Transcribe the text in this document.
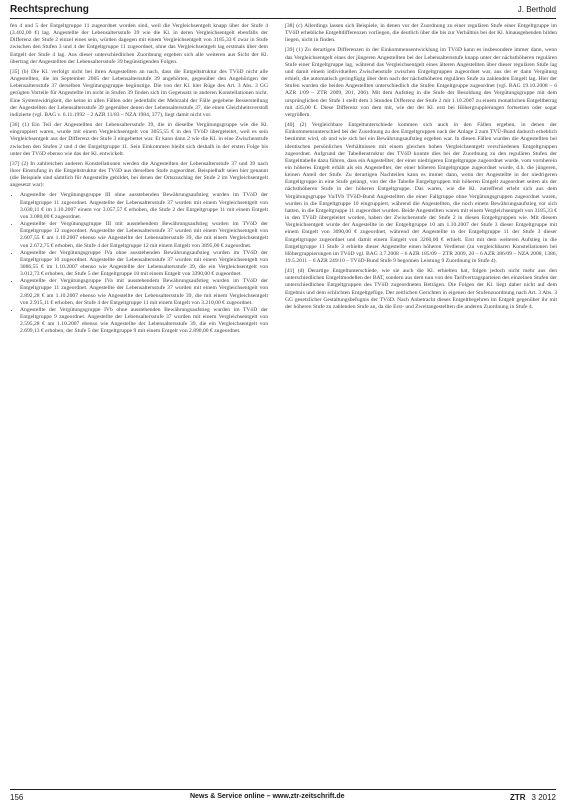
Rechtsprechung	J. Berthold

fen 4 und 5 der Entgeltgruppe 11 zugeordnet worden sind, weil die Vergleichsentgelt knapp über der Stufe 4 (3.402,00 €) lag. Angestellte der Lebensaltersstufe 39 wie die Kl. in deren Vergleichsentgelt ebenfalls der Differenz der Stufe 2 einzel eines sein, würden dagegen mit einem Vergleichsentgelt von 3185,33 € zwar in Stufe zwischen den Stufen 3 und 4 der Entgeltgruppe 11 zugeordnet, ohne das Vergleichsentgelt lag erstmals über dem Entgelt der Stufe 4 lag. Aus dieser unterschiedlichen Zuordnung ergeben sich alle weiteren aus Sicht der Kl. übertrag der Angestellten der Lebensaltersstufe 39 begünstigenden Folgen.

[35] (b) Die Kl. verfolgt nicht bei ihren Angestellten an nach, dass die Entgeltstruktur des TVöD nicht alle Angestellten, die im September 2005 der Lebensaltersstufe 39 angehörten, gegenüber den Angehörigen der Lebensaltersstufe 37 derselben Vergütungsgruppe begünstige. Die von der Kl. hier Rüge des Art. 3 Abs. 3 GG gerügten Vorteile für Angestellte im nicht in Stufen 39 finden sich im Gegensatz in anderen Konstellationen nicht. Eine Systemwidrigkeit, die keine in allen Fällen oder jedenfalls der Mehrzahl der Fälle gegebene Besserstellung der Angestellten der Lebensaltersstufe 39 gegenüber denen der Lebensaltersstufe 37, die einen Gleichheitsverstoß indizierte (vgl. BAG v. 6.11.1992 – 2 AZR 11/83 – NZA 1984, 377), liegt damit nicht vor.

[36] (1) Ein Teil der Angestellten der Lebensaltersstufe 39, die in dieselbe Vergütungsgruppe wie die Kl. eingruppiert waren, wurde mit einem Vergleichsentgelt von 3055,55 € in den TVöD übergeleitet, weil es sein Vergleichsentgelt aus der Differenz der Stufe 3 eingebettet war. Er kann dann 2 wie die Kl. in eine Zwischenstufe zwischen den Stufen 2 und 4 der Entgeltgruppe 11. Sein Einkommen bleibt sich deshalb in der ersten Folge bis unter des TVöD ebenso wie das der Kl. entwickelt.

[37] (2) In zahlreichen anderen Konstellationen werden die Angestellten der Lebensaltersstufe 37 und 39 nach ihrer Einstufung in die Entgeltstruktur des TVöD aus derselben Stufe zugeordnet. Beispielhaft seien hier genannt (die Beispiele sind sämtlich für Angestellte gebildet, bei denen der Ortszuschlag der Stufe 2 im Vergleichsentgelt angesetzt war):

• Angestellte der Vergütungsgruppe III ohne ausstehenden Bewährungsaufstieg wurden im TVöD der Entgeltgruppe 11 zugeordnet. Angestellte der Lebensaltersstufe 37 wurden mit einem Vergleichsentgelt von 3.030,11 € im 1.10.2007 einem vor 3.057,57 € erhoben, die Stufe 2 der Entgeltgruppe 11 mit einem Entgelt von 3.080,00 € zugeordnet.
• Angestellte der Vergütungsgruppe III mit ausstehendem Bewährungsaufstieg wurden im TVöD der Entgeltgruppe 12 zugeordnet. Angestellte der Lebensaltersstufe 37 wurden mit einem Vergleichsentgelt von 2.607,55 € am 1.10.2007 ebenso wie Angestellte der Lebensaltersstufe 39, die mit einem Vergleichsentgelt von 2.672,75 € erhoben, die Stufe 4 der Entgeltgruppe 12 mit einem Entgelt von 3895,00 € zugeordnet.
• Angestellte der Vergütungsgruppe IVa ohne ausstehenden Bewährungsaufstieg wurden im TVöD der Entgeltgruppe 10 zugeordnet. Angestellte der Lebensaltersstufe 37 wurden mit einem Vergleichsentgelt von 3086,55 € im 1.10.2007 ebenso wie Angestellte der Lebensaltersstufe 39, die ein Vergleichsentgelt von 3.012,73 € erhoben, der Stufe 5 der Entgeltgruppe 10 mit einem Entgelt von 3390,00 € zugeordnet.
• Angestellte der Vergütungsgruppe IVa mit ausstehendem Bewährungsaufstieg wurden im TVöD der Entgeltgruppe 11 zugeordnet. Angestellte der Lebensaltersstufe 37 wurden mit einem Vergleichsentgelt von 2.892,28 € am 1.10.2007 ebenso wie Angestellte der Lebensaltersstufe 39, die mit einem Vergleichsentgelt von 2.915,11 € erhoben, der Stufe 4 der Entgeltgruppe 11 mit einem Entgelt von 3.210,00 € zugeordnet.
• Angestellte der Vergütungsgruppe IVb ohne ausstehenden Bewährungsaufstieg wurden im TVöD der Entgeltgruppe 9 zugeordnet. Angestellte der Lebensaltersstufe 37 wurden mit einem Vergleichsentgelt von 2.595,28 € am 1.10.2007 ebenso wie Angestellte der Lebensaltersstufe 39, die ein Vergleichsentgelt von 2.699,13 € erhoben, der Stufe 5 der Entgeltgruppe 9 mit einem Entgelt von 2.890,00 € zugeordnet.

[38] (c) Allerdings lassen sich Beispiele, in denen vor der Zuordnung zu einer regulären Stufe einer Entgeltgruppe im TVöD erhebliche Entgeltdifferenzen vorliegen, die deutlich über die bis zur Verhältnis bei der Kl. hinausgehenden bilden liegen, nicht in finden.

[39] (1) Zu derartigen Differenzen in der Einkommensentwicklung im TVöD kann es insbesondere immer dann, wenn das Vergleichsentgelt eines der jüngeren Angestellten bei der Lebensaltersstufe knapp unter der nächsthöheren regulären Stufe einer Entgeltgruppe lag, während das Vergleichsentgelt eines älteren Angestellten über dieser regulären Stufe lag und damit einem individuellen Zwischenstufe zwischen Entgeltgruppen zugeordnet war, aus der er dann Vergütung erhielt, die automatisch geringfügig über dem nach der nächsthöheren regulären Stufe zu zahlenden Entgelt lag. Hier der Stufen wurden die beiden Angestellten unterschiedlich die Stufen Entgeltgruppe zugeordnet (vgl. BAG 19.10.2008 – 6 AZR 1/09 – ZTR 2009, 201, 206). Mit dem Aufstieg in die Stufe der Besoldung des Vergütungsgruppe mit dem ursprünglichen der Stufe 1 stellt dem 3 Stunden Differenz der Stufe 2 mit 1.10.2007 zu einem monatlichen Entgeltbetrag mit 435,00 €. Diese Differenz von dem mit, wie der der Kl. erst bei Höhergruppierungen fortsetzen oder sogar vergrößern.

[40] (2) Vergleichbare Entgeltunterschiede kommen sich auch in den Fällen ergeben, in denen der Einkommensunterschied bei der Zuordnung zu den Entgeltgruppen nach der Anlage 2 zum TVÜ-Bund dadurch erheblich bestimmt wird, ob und wie sich bei ein Bewährungsaufstieg ergeben war. In diesen Fällen wurden die Angestellten bei identischen persönlichen Verhältnissen mit einem gleichen hohen Vergleichsentgelt verschiedenen Entgeltgruppen zugeordnet. Aufgrund der Tabellenstruktur des TVöD konnte dies bei der Zuordnung zu den regulären Stufen der Entgelttabelle dazu führen, dass ein Angestellter, der einer niedrigeren Entgeltgruppe zugeordnet wurde, vom vornherein ein höheres Entgelt erhält als ein Angestellter, der einer höheren Entgeltgruppe zugeordnet wurde, d.h. die jüngeren, keinen Anteil der Stufe. Zu derartigen Nachteilen kann es immer dann, wenn der Angestellte in der niedrigeren Entgeltgruppe in eine Stufe gelangt, von der die Tabelle Entgeltgruppen mit höheren Entgelt zugeordnet seiten als der nächsthöheren Stufe in der höheren Entgeltgruppe. Das waren, wie die Kl. zutreffend erlebt sich aus dem Vergütungsgruppe Va/IVb TVöD-Bund Angestellten die einer Fallgruppe ohne Vergütungsgruppen zugeordnet waren, wurden in die Entgeltgruppe 10 eingruppiert, während die Angestellten, die noch einem Bewährungsaufstieg vor sich hatten, in die Entgeltgruppe 11 zugeordnet wurden. Beide Angestellten waren mit einem Vergleichsentgelt von 3185,33 € in den TVöD übergeleitet worden, haben der Zwischenstufe der Stufe 2 in diesen Entgeltgruppen wie. Mit diesem Vergleichsentgelt wurde der Angestellte in der Entgeltgruppe 10 am 1.10.2007 der Stufe 3 dieser Entgeltgruppe mit einem Entgelt von 3090,00 € zugeordnet, während der Angestellte in der Entgeltgruppe 11 der Stufe 3 dieser Entgeltgruppe zugeordnet und damit einem Entgelt von 3260,00 € erhielt. Erst mit dem weiteren Aufstieg in die Entgeltgruppe 11 Stufe 3 erhielte dieser Angestellte einen höheren Verdienst (zu vergleichbaren Konstellationen bei Höhergruppierungen im TVöD vgl. BAG 3.7.2008 – 6 AZR 185/09 – ZTR 2009, 20 – 6 AZR 386/09 – NZA 2008, 1386, 19.5.2011 – 6 AZR 249/10 – TVöD-Bund Stufe 9 begonnen Leistung 9 Zuordnung in Stufe 4).

[41] (d) Derartige Entgeltunterschiede, wie sie auch die Kl. erhielten hat, folgen jedoch nicht mehr aus den unterschiedlichen Entgeltmodellen der BAT, sondern aus dem nun von den Tarifvertragsparteien des einzelnen Stufen der unterschiedlichen Entgeltgruppen des TVöD zugeordneten Beträgen. Die Folgen der Kl. liegt daher nicht auf dem Ergebnis und dem schlichten Entgeltgefüge. Der zeitlichen Gerichten in eigenen der Stufenzuordnung nach Art. 3 Abs. 3 GG gesetzlicher Gestaltungsbefugnis der TVöD. Nach Anbetracht dieses Entgeltbegehren im Entgelt gegenüber ihr mit der höheren Stufe zu zahlenden Stufe an, da die Erst- und Zweitangestellten die anderen Zuordnung in Stufe 4.

156	News & Service online – www.ztr-zeitschrift.de	ZTR 3 2012
